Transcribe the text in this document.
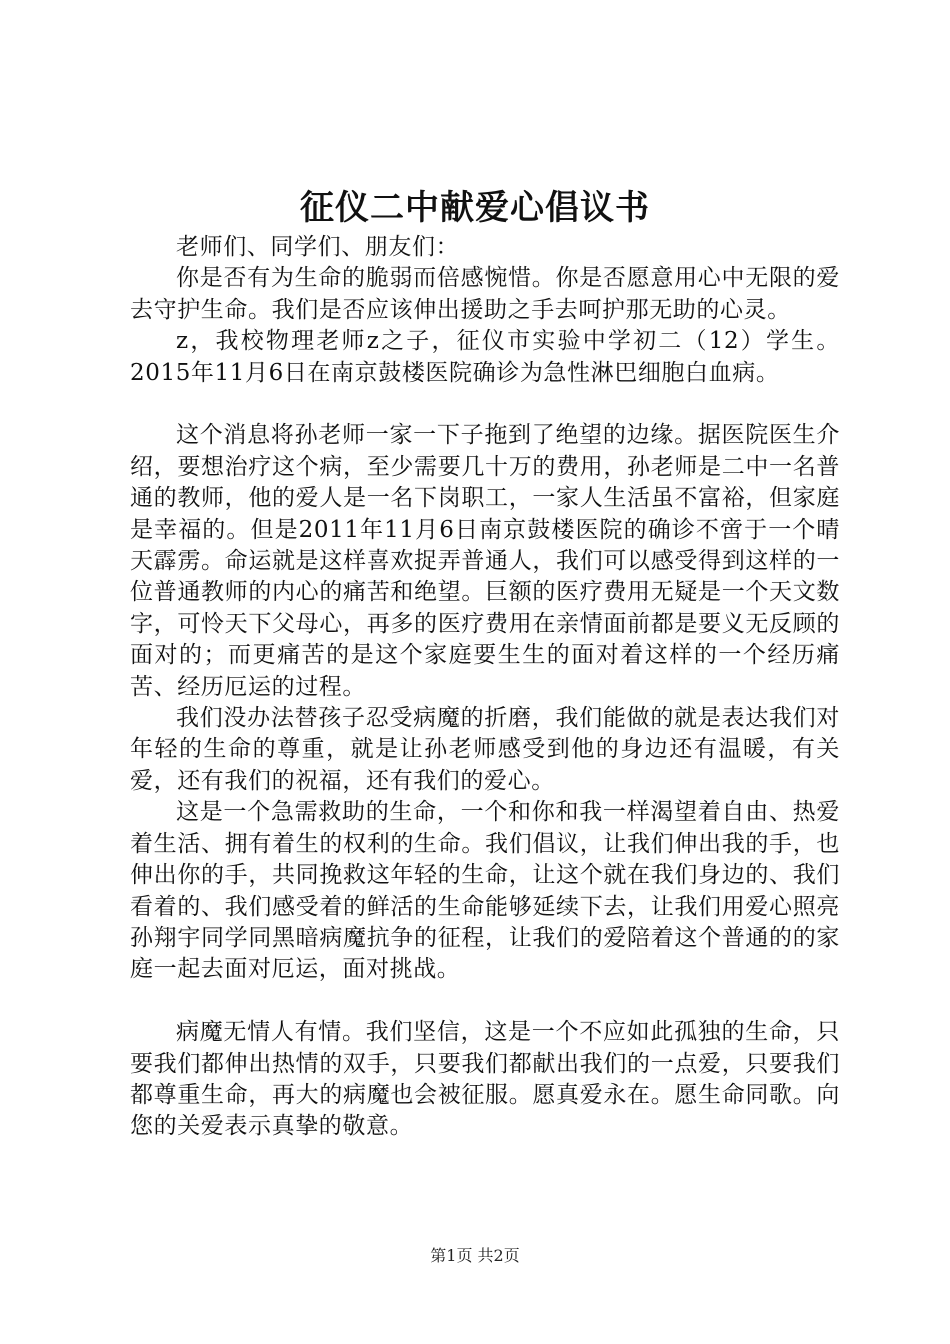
征仪二中献爱心倡议书

老师们、同学们、朋友们：

你是否有为生命的脆弱而倍感惋惜。你是否愿意用心中无限的爱去守护生命。我们是否应该伸出援助之手去呵护那无助的心灵。

z，我校物理老师z之子，征仪市实验中学初二（12）学生。2015年11月6日在南京鼓楼医院确诊为急性淋巴细胞白血病。

这个消息将孙老师一家一下子拖到了绝望的边缘。据医院医生介绍，要想治疗这个病，至少需要几十万的费用，孙老师是二中一名普通的教师，他的爱人是一名下岗职工，一家人生活虽不富裕，但家庭是幸福的。但是2011年11月6日南京鼓楼医院的确诊不啻于一个晴天霹雳。命运就是这样喜欢捉弄普通人，我们可以感受得到这样的一位普通教师的内心的痛苦和绝望。巨额的医疗费用无疑是一个天文数字，可怜天下父母心，再多的医疗费用在亲情面前都是要义无反顾的面对的；而更痛苦的是这个家庭要生生的面对着这样的一个经历痛苦、经历厄运的过程。

我们没办法替孩子忍受病魔的折磨，我们能做的就是表达我们对年轻的生命的尊重，就是让孙老师感受到他的身边还有温暖，有关爱，还有我们的祝福，还有我们的爱心。

这是一个急需救助的生命，一个和你和我一样渴望着自由、热爱着生活、拥有着生的权利的生命。我们倡议，让我们伸出我的手，也伸出你的手，共同挽救这年轻的生命，让这个就在我们身边的、我们看着的、我们感受着的鲜活的生命能够延续下去，让我们用爱心照亮孙翔宇同学同黑暗病魔抗争的征程，让我们的爱陪着这个普通的的家庭一起去面对厄运，面对挑战。

病魔无情人有情。我们坚信，这是一个不应如此孤独的生命，只要我们都伸出热情的双手，只要我们都献出我们的一点爱，只要我们都尊重生命，再大的病魔也会被征服。愿真爱永在。愿生命同歌。向您的关爱表示真挚的敬意。

第1页 共2页
